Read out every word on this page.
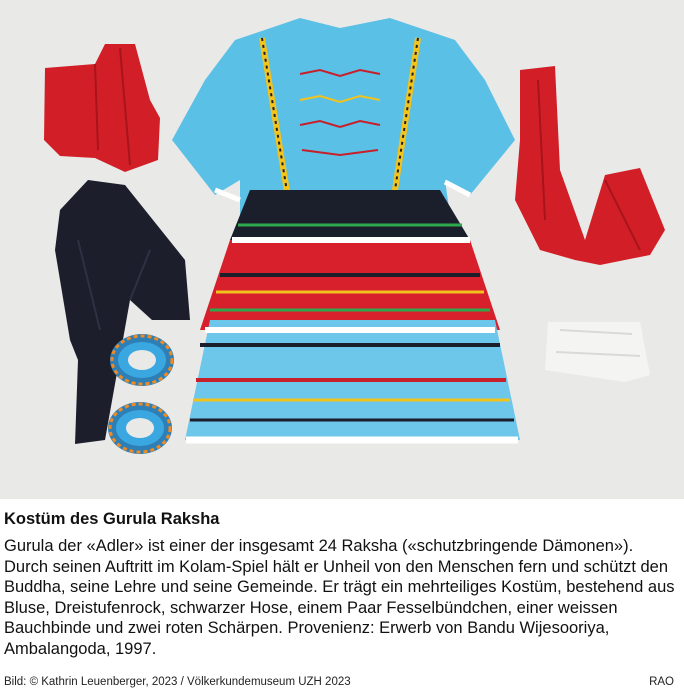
Kostüm des Gurula Raksha

Gurula der «Adler» ist einer der insgesamt 24 Raksha («schutzbringende Dämonen»). Durch seinen Auftritt im Kolam-Spiel hält er Unheil von den Menschen fern und schützt den Buddha, seine Lehre und seine Gemeinde. Er trägt ein mehrteiliges Kostüm, bestehend aus Bluse, Dreistufenrock, schwarzer Hose, einem Paar Fesselbündchen, einer weissen Bauchbinde und zwei roten Schärpen. Provenienz: Erwerb von Bandu Wijesooriya, Ambalangoda, 1997.

Bild: © Kathrin Leuenberger, 2023 / Völkerkundemuseum UZH 2023	RAO
